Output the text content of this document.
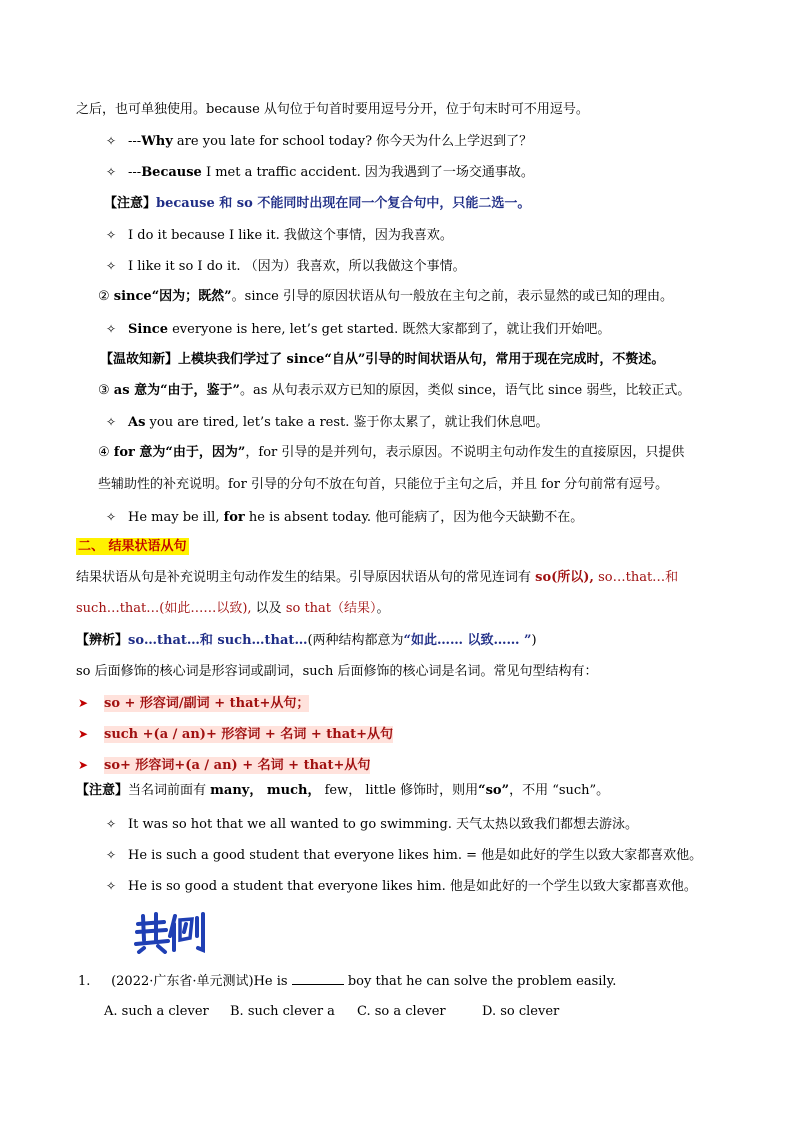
之后，也可单独使用。because 从句位于句首时要用逗号分开，位于句末时可不用逗号。
✧ ---Why are you late for school today? 你今天为什么上学迟到了？
✧ ---Because I met a traffic accident. 因为我遇到了一场交通事故。
【注意】because 和 so 不能同时出现在同一个复合句中，只能二选一。
✧ I do it because I like it. 我做这个事情，因为我喜欢。
✧ I like it so I do it. （因为）我喜欢，所以我做这个事情。
② since“因为；既然”。since 引导的原因状语从句一般放在主句之前，表示显然的或已知的理由。
✧ Since everyone is here, let’s get started. 既然大家都到了，就让我们开始吧。
【温故知新】上模块我们学过了 since“自从”引导的时间状语从句，常用于现在完成时，不赘述。
③ as 意为“由于，鉴于”。as 从句表示双方已知的原因，类似 since，语气比 since 弱些，比较正式。
✧ As you are tired, let’s take a rest. 鉴于你太累了，就让我们休息吧。
④ for 意为“由于，因为”，for 引导的是并列句，表示原因。不说明主句动作发生的直接原因，只提供
些辅助性的补充说明。for 引导的分句不放在句首，只能位于主句之后，并且 for 分句前常有逗号。
✧ He may be ill, for he is absent today. 他可能病了，因为他今天缺勤不在。
二、 结果状语从句
结果状语从句是补充说明主句动作发生的结果。引导原因状语从句的常见连词有 so(所以), so…that…和
such…that…(如此……以致), 以及 so that（结果）。
【辨析】so…that…和 such…that…(两种结构都意为“如此…… 以致…… ”)
so 后面修饰的核心词是形容词或副词，such 后面修饰的核心词是名词。常见句型结构有：
➤ so + 形容词/副词 + that+从句；
➤ such +(a / an)+ 形容词 + 名词 + that+从句
➤ so+ 形容词+(a / an) + 名词 + that+从句
【注意】当名词前面有 many， much， few， little 修饰时，则用“so”，不用 “such”。
✧ It was so hot that we all wanted to go swimming. 天气太热以致我们都想去游泳。
✧ He is such a good student that everyone likes him. = 他是如此好的学生以致大家都喜欢他。
✧ He is so good a student that everyone likes him. 他是如此好的一个学生以致大家都喜欢他。
1. (2022·广东省·单元测试)He is	boy that he can solve the problem easily.
A. such a clever B. such clever a C. so a clever	D. so clever
